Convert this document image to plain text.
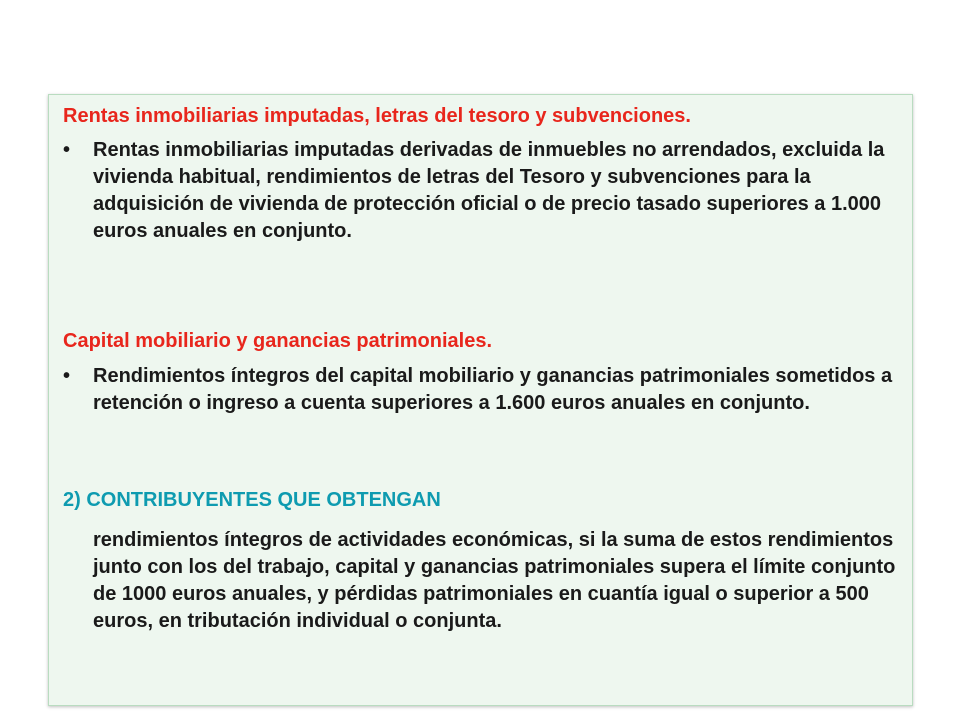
Rentas inmobiliarias imputadas, letras del tesoro y subvenciones.
•	Rentas inmobiliarias imputadas derivadas de inmuebles no arrendados, excluida la vivienda habitual, rendimientos de letras del Tesoro y subvenciones para la adquisición de vivienda de protección oficial o de precio tasado superiores a 1.000 euros anuales en conjunto.
Capital mobiliario y ganancias patrimoniales.
•	Rendimientos íntegros del capital mobiliario y ganancias patrimoniales sometidos a retención o ingreso a cuenta superiores a 1.600 euros anuales en conjunto.
2) CONTRIBUYENTES QUE OBTENGAN
rendimientos íntegros de actividades económicas, si la suma de estos rendimientos junto con los del trabajo, capital y ganancias patrimoniales supera el límite conjunto de 1000 euros anuales, y pérdidas patrimoniales en cuantía igual o superior a 500 euros, en tributación individual o conjunta.
